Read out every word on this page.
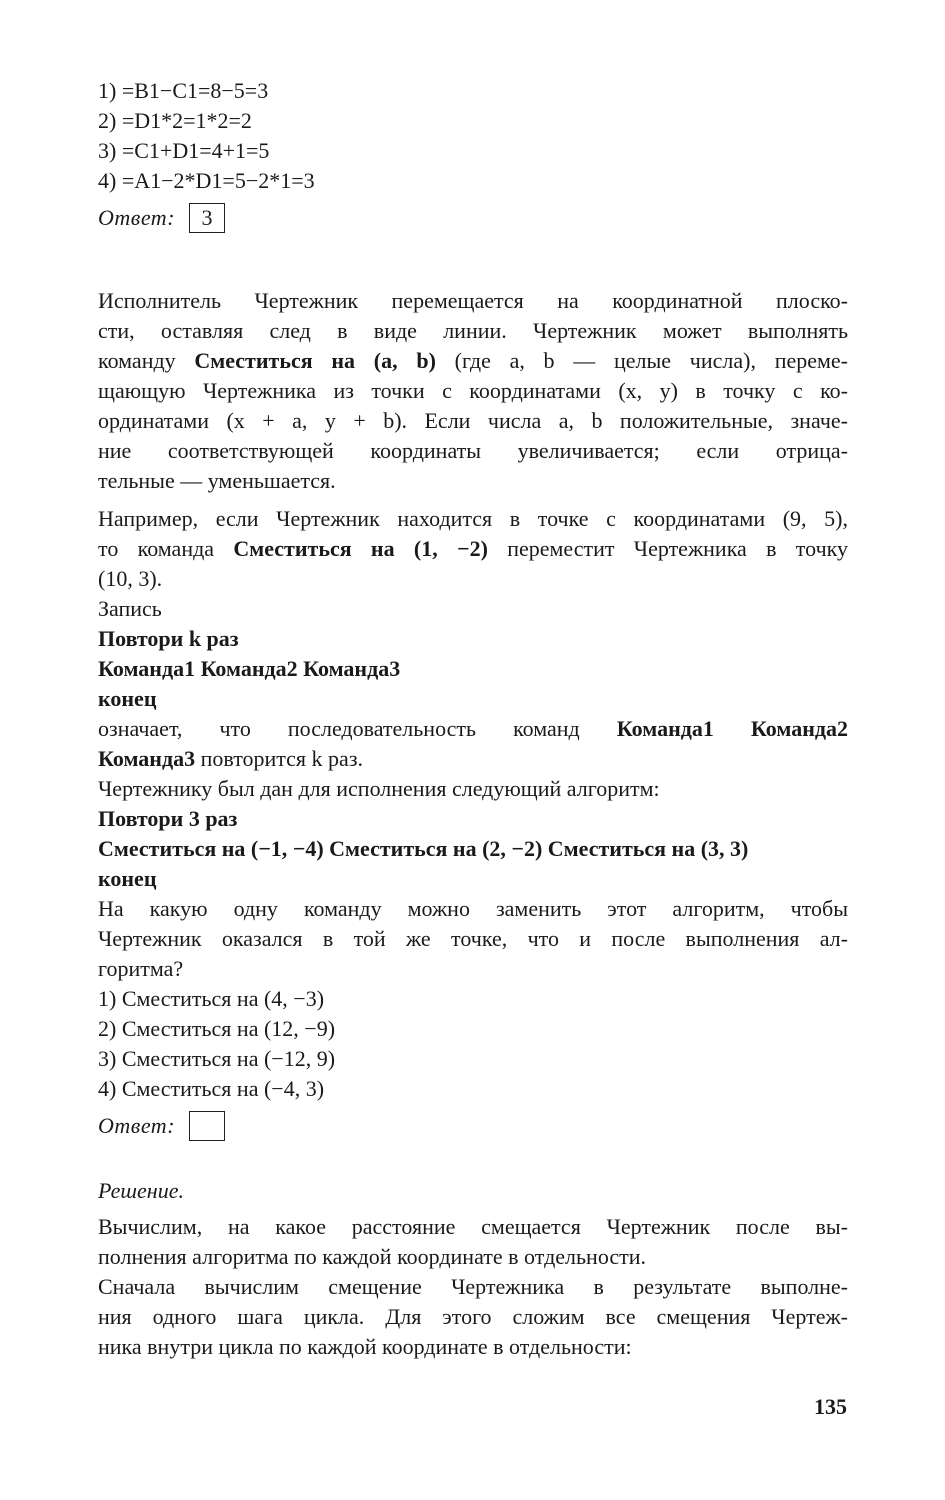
1) =B1−C1=8−5=3
2) =D1*2=1*2=2
3) =C1+D1=4+1=5
4) =A1−2*D1=5−2*1=3
Ответ:	3
Исполнитель Чертежник перемещается на координатной плоско-
сти, оставляя след в виде линии. Чертежник может выполнять
команду Сместиться на (a, b) (где a, b — целые числа), переме-
щающую Чертежника из точки с координатами (x, y) в точку с ко-
ординатами (x + a, y + b). Если числа a, b положительные, значе-
ние соответствующей координаты увеличивается; если отрица-
тельные — уменьшается.
Например, если Чертежник находится в точке с координатами (9, 5),
то команда Сместиться на (1, −2) переместит Чертежника в точку
(10, 3).
Запись
Повтори k раз
Команда1 Команда2 Команда3
конец
означает, что последовательность команд Команда1 Команда2
Команда3 повторится k раз.
Чертежнику был дан для исполнения следующий алгоритм:
Повтори 3 раз
Сместиться на (−1, −4) Сместиться на (2, −2) Сместиться на (3, 3)
конец
На какую одну команду можно заменить этот алгоритм, чтобы
Чертежник оказался в той же точке, что и после выполнения ал-
горитма?
1) Сместиться на (4, −3)
2) Сместиться на (12, −9)
3) Сместиться на (−12, 9)
4) Сместиться на (−4, 3)
Ответ:
Решение.
Вычислим, на какое расстояние смещается Чертежник после вы-
полнения алгоритма по каждой координате в отдельности.
Сначала вычислим смещение Чертежника в результате выполне-
ния одного шага цикла. Для этого сложим все смещения Чертеж-
ника внутри цикла по каждой координате в отдельности:
135
